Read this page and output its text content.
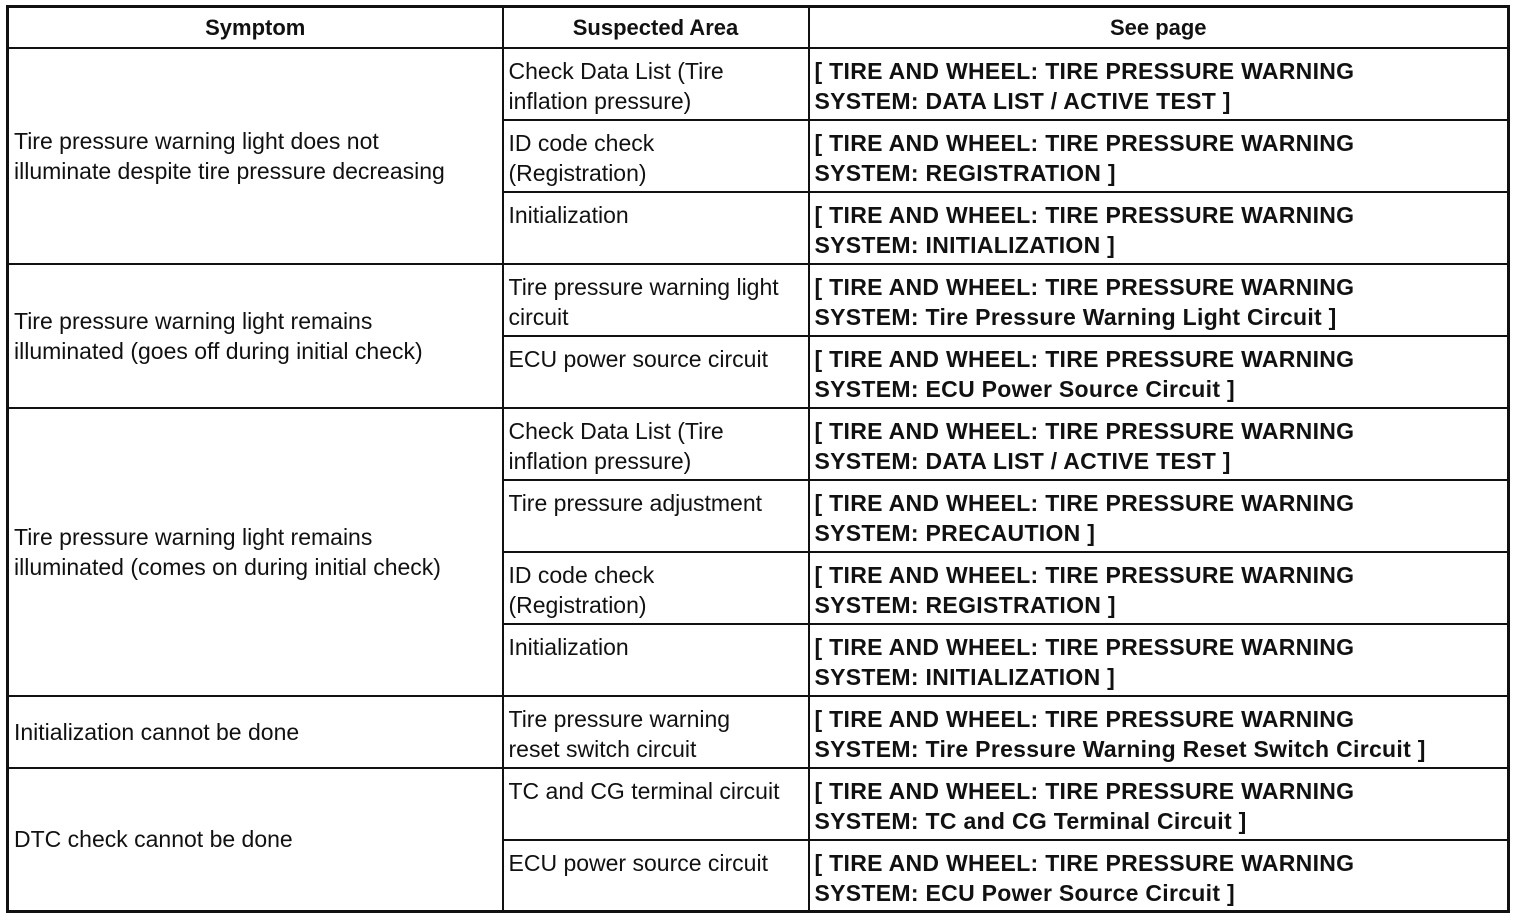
Symptom	Suspected Area	See page

Tire pressure warning light does not
illuminate despite tire pressure decreasing	Check Data List (Tire
inflation pressure)	[ TIRE AND WHEEL: TIRE PRESSURE WARNING
SYSTEM: DATA LIST / ACTIVE TEST ]

	ID code check
(Registration)	[ TIRE AND WHEEL: TIRE PRESSURE WARNING
SYSTEM: REGISTRATION ]

	Initialization	[ TIRE AND WHEEL: TIRE PRESSURE WARNING
SYSTEM: INITIALIZATION ]

Tire pressure warning light remains
illuminated (goes off during initial check)	Tire pressure warning light
circuit	[ TIRE AND WHEEL: TIRE PRESSURE WARNING
SYSTEM: Tire Pressure Warning Light Circuit ]

	ECU power source circuit	[ TIRE AND WHEEL: TIRE PRESSURE WARNING
SYSTEM: ECU Power Source Circuit ]

Tire pressure warning light remains
illuminated (comes on during initial check)	Check Data List (Tire
inflation pressure)	[ TIRE AND WHEEL: TIRE PRESSURE WARNING
SYSTEM: DATA LIST / ACTIVE TEST ]

	Tire pressure adjustment	[ TIRE AND WHEEL: TIRE PRESSURE WARNING
SYSTEM: PRECAUTION ]

	ID code check
(Registration)	[ TIRE AND WHEEL: TIRE PRESSURE WARNING
SYSTEM: REGISTRATION ]

	Initialization	[ TIRE AND WHEEL: TIRE PRESSURE WARNING
SYSTEM: INITIALIZATION ]

Initialization cannot be done	Tire pressure warning
reset switch circuit	[ TIRE AND WHEEL: TIRE PRESSURE WARNING
SYSTEM: Tire Pressure Warning Reset Switch Circuit ]

DTC check cannot be done	TC and CG terminal circuit	[ TIRE AND WHEEL: TIRE PRESSURE WARNING
SYSTEM: TC and CG Terminal Circuit ]

	ECU power source circuit	[ TIRE AND WHEEL: TIRE PRESSURE WARNING
SYSTEM: ECU Power Source Circuit ]
